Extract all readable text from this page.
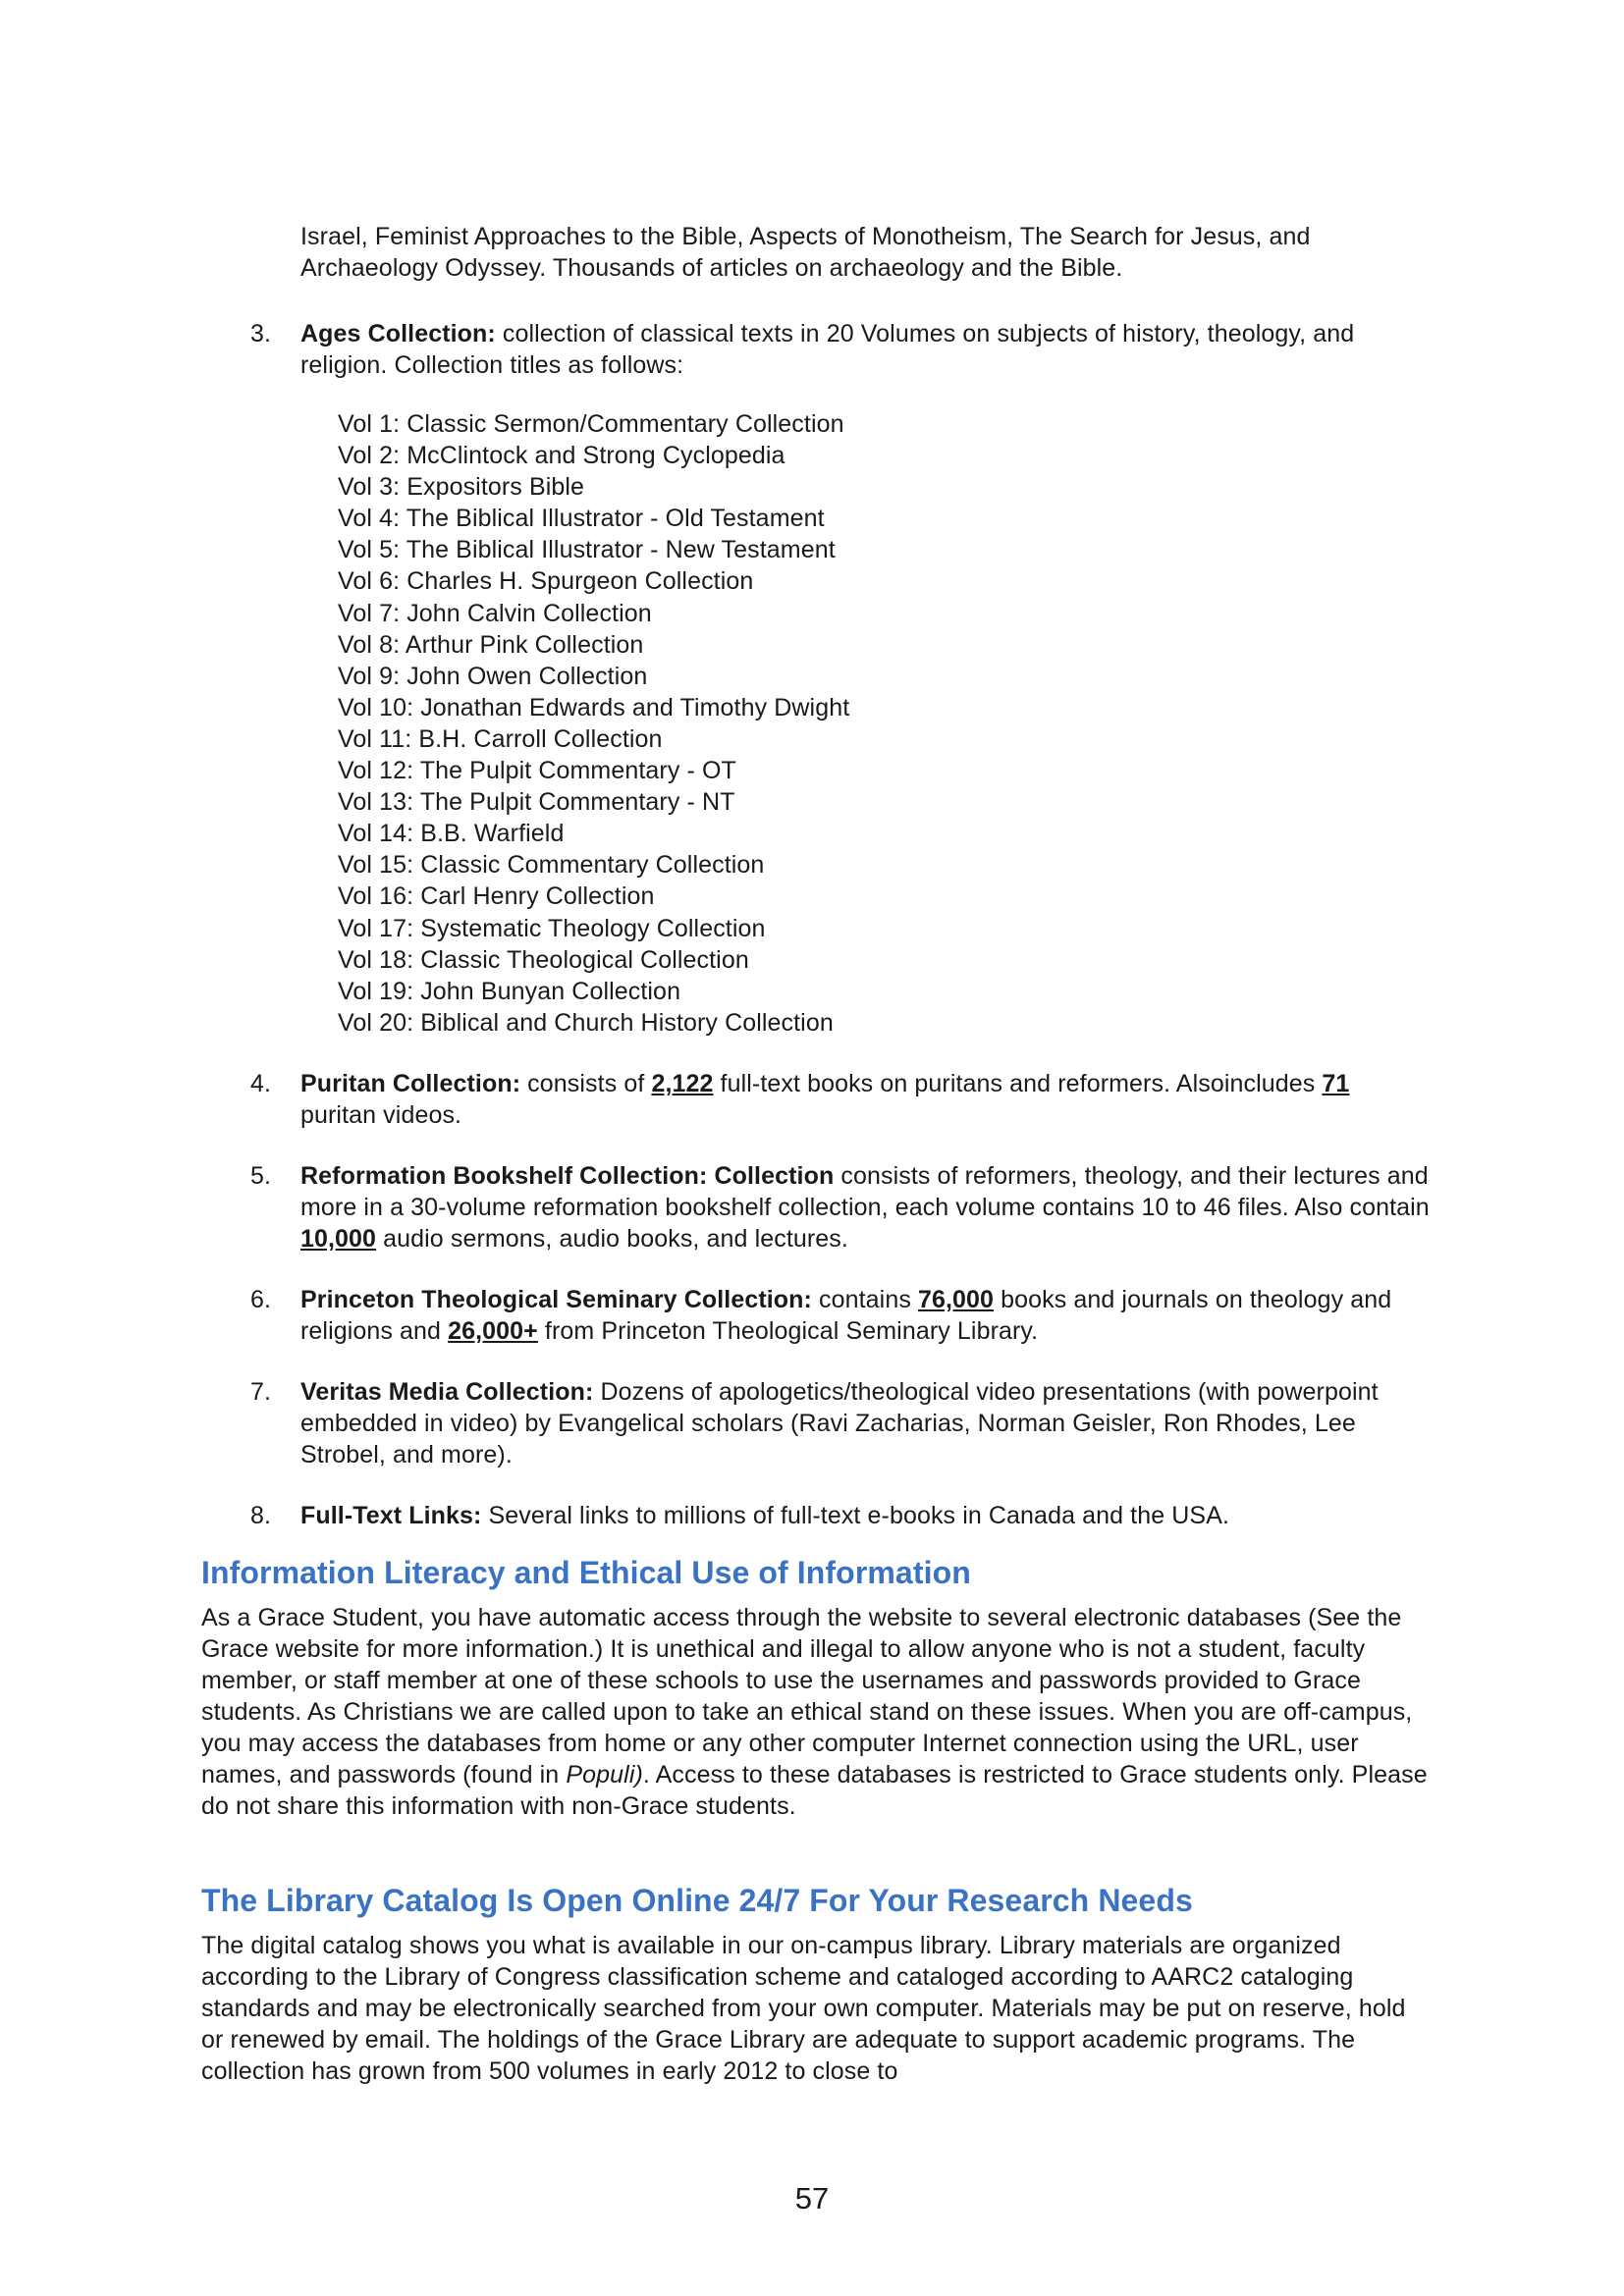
Israel, Feminist Approaches to the Bible, Aspects of Monotheism, The Search for Jesus, and Archaeology Odyssey. Thousands of articles on archaeology and the Bible.

3. Ages Collection: collection of classical texts in 20 Volumes on subjects of history, theology, and religion. Collection titles as follows:
Vol 1: Classic Sermon/Commentary Collection
Vol 2: McClintock and Strong Cyclopedia
Vol 3: Expositors Bible
Vol 4: The Biblical Illustrator - Old Testament
Vol 5: The Biblical Illustrator - New Testament
Vol 6: Charles H. Spurgeon Collection
Vol 7: John Calvin Collection
Vol 8: Arthur Pink Collection
Vol 9: John Owen Collection
Vol 10: Jonathan Edwards and Timothy Dwight
Vol 11: B.H. Carroll Collection
Vol 12: The Pulpit Commentary - OT
Vol 13: The Pulpit Commentary - NT
Vol 14: B.B. Warfield
Vol 15: Classic Commentary Collection
Vol 16: Carl Henry Collection
Vol 17: Systematic Theology Collection
Vol 18: Classic Theological Collection
Vol 19: John Bunyan Collection
Vol 20: Biblical and Church History Collection
4. Puritan Collection: consists of 2,122 full-text books on puritans and reformers. Alsoincludes 71 puritan videos.
5. Reformation Bookshelf Collection: Collection consists of reformers, theology, and their lectures and more in a 30-volume reformation bookshelf collection, each volume contains 10 to 46 files. Also contain 10,000 audio sermons, audio books, and lectures.
6. Princeton Theological Seminary Collection: contains 76,000 books and journals on theology and religions and 26,000+ from Princeton Theological Seminary Library.
7. Veritas Media Collection: Dozens of apologetics/theological video presentations (with powerpoint embedded in video) by Evangelical scholars (Ravi Zacharias, Norman Geisler, Ron Rhodes, Lee Strobel, and more).
8. Full-Text Links: Several links to millions of full-text e-books in Canada and the USA.
Information Literacy and Ethical Use of Information

As a Grace Student, you have automatic access through the website to several electronic databases (See the Grace website for more information.) It is unethical and illegal to allow anyone who is not a student, faculty member, or staff member at one of these schools to use the usernames and passwords provided to Grace students. As Christians we are called upon to take an ethical stand on these issues. When you are off-campus, you may access the databases from home or any other computer Internet connection using the URL, user names, and passwords (found in Populi). Access to these databases is restricted to Grace students only. Please do not share this information with non-Grace students.

The Library Catalog Is Open Online 24/7 For Your Research Needs

The digital catalog shows you what is available in our on-campus library. Library materials are organized according to the Library of Congress classification scheme and cataloged according to AARC2 cataloging standards and may be electronically searched from your own computer. Materials may be put on reserve, hold or renewed by email. The holdings of the Grace Library are adequate to support academic programs. The collection has grown from 500 volumes in early 2012 to close to

57
